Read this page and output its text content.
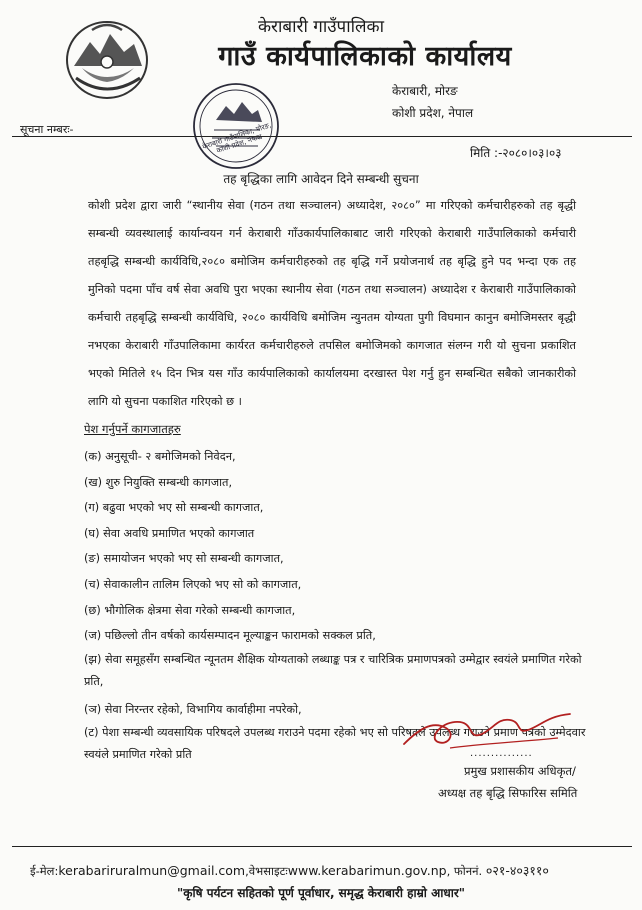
केराबारी गाउँपालिका
गाउँ कार्यपालिकाको कार्यालय
केराबारी, मोरङ
कोशी प्रदेश, नेपाल
केराबारी गाउँपालिका, मोरङ, कोशी प्रदेश, नेपाल
सूचना नम्बरः-
मिति :-२०८०।०३।०३
तह बृद्धिका लागि आवेदन दिने सम्बन्धी सुचना
कोशी प्रदेश द्वारा जारी “स्थानीय सेवा (गठन तथा सञ्चालन) अध्यादेश, २०८०” मा गरिएको कर्मचारीहरुको तह बृद्धी सम्बन्धी व्यवस्थालाई कार्यान्वयन गर्न केराबारी गाँउकार्यपालिकाबाट जारी गरिएको केराबारी गाउँपालिकाको कर्मचारी तहबृद्धि सम्बन्धी कार्यविधि,२०८० बमोजिम कर्मचारीहरुको तह बृद्धि गर्ने प्रयोजनार्थ तह बृद्धि हुने पद भन्दा एक तह मुनिको पदमा पाँच वर्ष सेवा अवधि पुरा भएका स्थानीय सेवा (गठन तथा सञ्चालन) अध्यादेश र केराबारी गाउँपालिकाको कर्मचारी तहबृद्धि सम्बन्धी कार्यविधि, २०८० कार्यविधि बमोजिम न्युनतम योग्यता पुगी विघमान कानुन बमोजिमस्तर बृद्धी नभएका केराबारी गाँउपालिकामा कार्यरत कर्मचारीहरुले तपसिल बमोजिमको कागजात संलग्न गरी यो सुचना प्रकाशित भएको मितिले १५ दिन भित्र यस गाँउ कार्यपालिकाको कार्यालयमा दरखास्त पेश गर्नु हुन सम्बन्धित सबैको जानकारीको लागि यो सुचना पकाशित गरिएको छ ।
पेश गर्नुपर्ने कागजातहरु
(क) अनुसूची- २ बमोजिमको निवेदन,
(ख) शुरु नियुक्ति सम्बन्धी कागजात,
(ग) बढुवा भएको भए सो सम्बन्धी कागजात,
(घ) सेवा अवधि प्रमाणित भएको कागजात
(ङ) समायोजन भएको भए सो सम्बन्धी कागजात,
(च) सेवाकालीन तालिम लिएको भए सो को कागजात,
(छ) भौगोलिक क्षेत्रमा सेवा गरेको सम्बन्धी कागजात,
(ज) पछिल्लो तीन वर्षको कार्यसम्पादन मूल्याङ्कन फारामको सक्कल प्रति,
(झ) सेवा समूहसँग सम्बन्धित न्यूनतम शैक्षिक योग्यताको लब्धाङ्क पत्र र चारित्रिक प्रमाणपत्रको उम्मेद्वार स्वयंले प्रमाणित गरेको प्रति,
(ञ) सेवा निरन्तर रहेको, विभागिय कार्वाहीमा नपरेको,
(ट) पेशा सम्बन्धी व्यवसायिक परिषदले उपलब्ध गराउने पदमा रहेको भए सो परिषदले उपलब्ध गराउने प्रमाण पत्रको उम्मेदवार स्वयंले प्रमाणित गरेको प्रति	...............
प्रमुख प्रशासकीय अधिकृत/
अध्यक्ष तह बृद्धि सिफारिस समिति
ई-मेल:kerabariruralmun@gmail.com,वेभसाइटःwww.kerabarimun.gov.np, फोननं. ०२१-४०३११०
"कृषि पर्यटन सहितको पूर्ण पूर्वाधार, समृद्ध केराबारी हाम्रो आधार"
